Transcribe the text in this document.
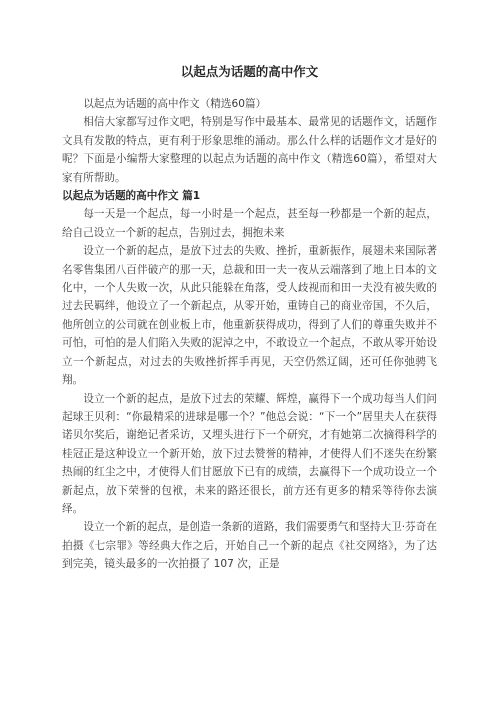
以起点为话题的高中作文

以起点为话题的高中作文（精选60篇）

相信大家都写过作文吧，特别是写作中最基本、最常见的话题作文，话题作文具有发散的特点，更有利于形象思维的涌动。那么什么样的话题作文才是好的呢？下面是小编帮大家整理的以起点为话题的高中作文（精选60篇），希望对大家有所帮助。

以起点为话题的高中作文 篇1

每一天是一个起点，每一小时是一个起点，甚至每一秒都是一个新的起点，给自己设立一个新的起点，告别过去，拥抱未来

设立一个新的起点，是放下过去的失败、挫折，重新振作，展翅未来国际著名零售集团八百伴破产的那一天，总裁和田一夫一夜从云端落到了地上日本的文化中，一个人失败一次，从此只能躲在角落，受人歧视而和田一夫没有被失败的过去民羁绊，他设立了一个新起点，从零开始，重铸自己的商业帝国，不久后，他所创立的公司就在创业板上市，他重新获得成功，得到了人们的尊重失败并不可怕，可怕的是人们陷入失败的泥淖之中，不敢设立一个起点，不敢从零开始设立一个新起点，对过去的失败挫折挥手再见，天空仍然辽阔，还可任你弛骋飞翔。

设立一个新的起点，是放下过去的荣耀、辉煌，赢得下一个成功每当人们问起球王贝利：“你最精采的进球是哪一个？”他总会说：“下一个”居里夫人在获得诺贝尔奖后，谢绝记者采访，又埋头进行下一个研究，才有她第二次摘得科学的桂冠正是这种设立一个新开始，放下过去赞誉的精神，才使得人们不迷失在纷繁热闹的红尘之中，才使得人们甘愿放下已有的成绩，去赢得下一个成功设立一个新起点，放下荣誉的包袱，未来的路还很长，前方还有更多的精采等待你去演绎。

设立一个新的起点，是创造一条新的道路，我们需要勇气和坚持大卫·芬奇在拍摄《七宗罪》等经典大作之后，开始自己一个新的起点《社交网络》，为了达到完美，镜头最多的一次拍摄了 107 次，正是
